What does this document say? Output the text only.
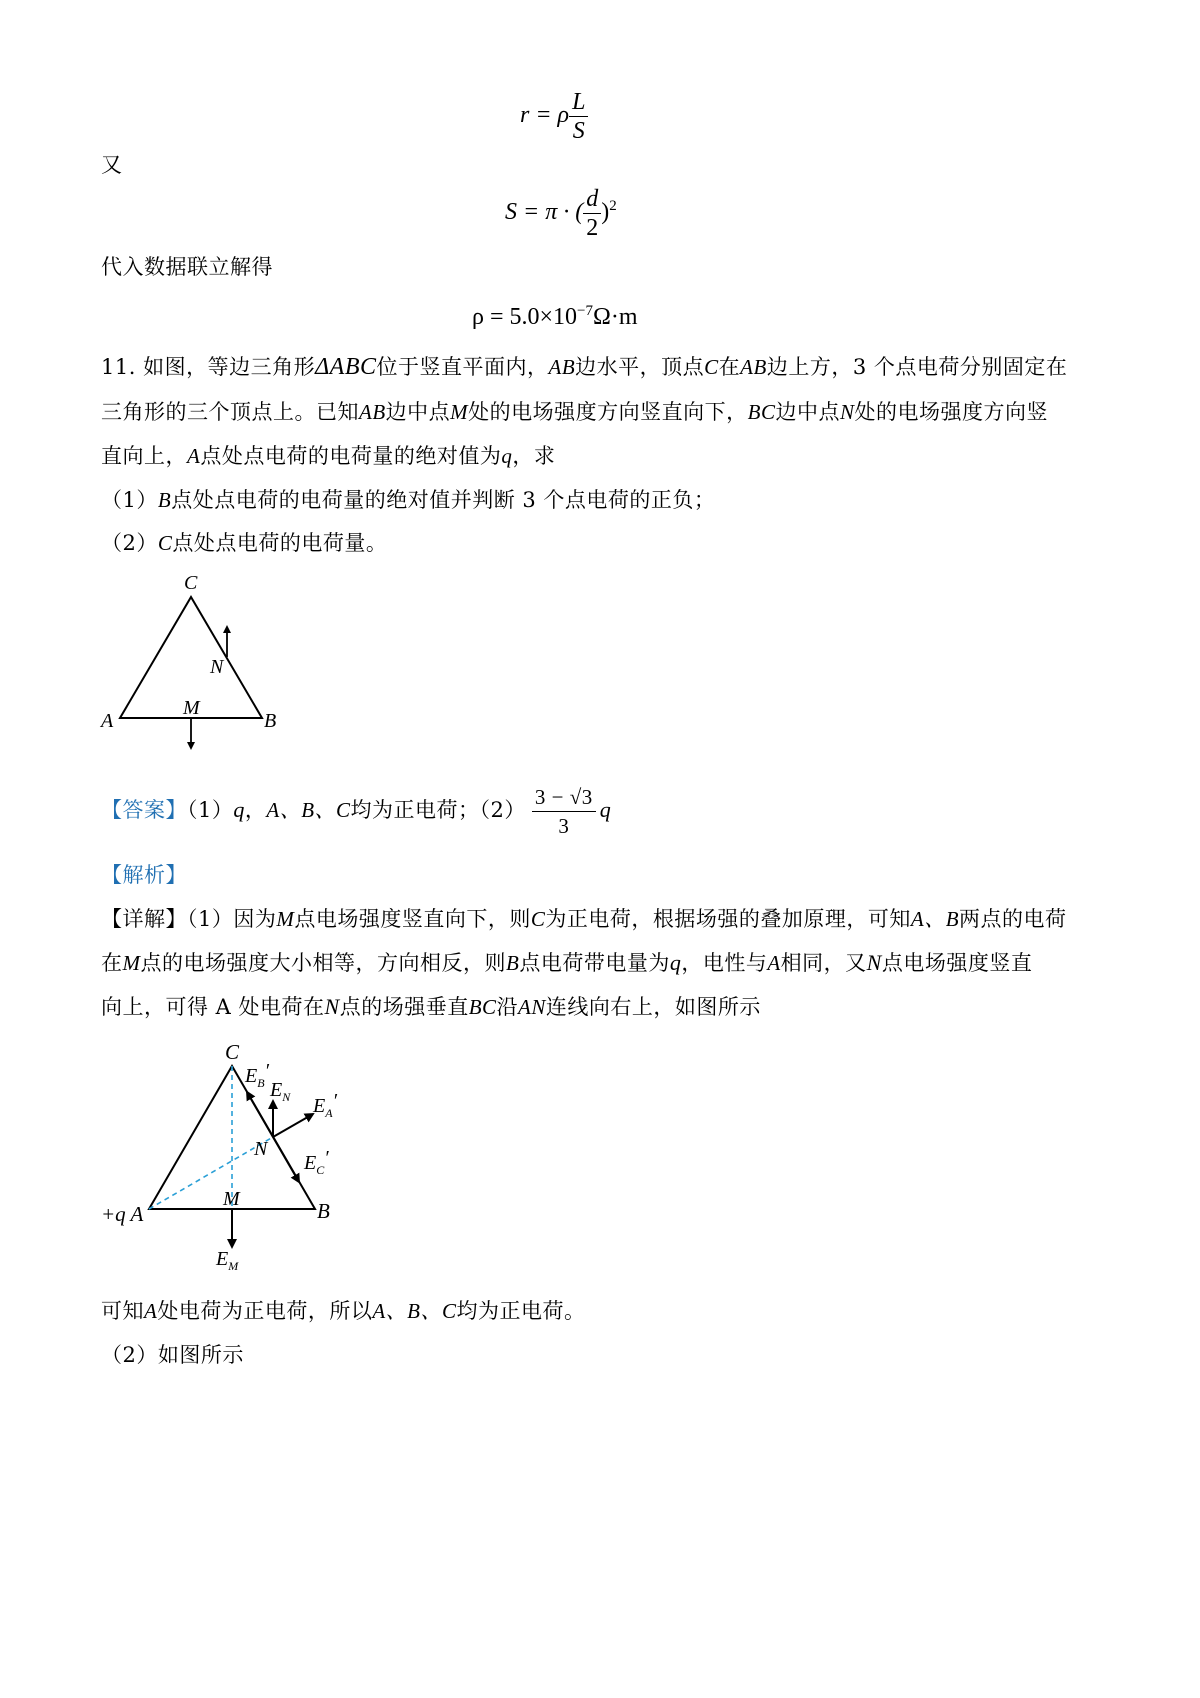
r = ρ $\frac{L}{S}$
又
S = π · ( $\frac{d}{2} )^2$
代入数据联立解得
$\rho = 5.0\times 10^{-7}\Omega\cdot m$
11. 如图，等边三角形ΔABC位于竖直平面内，AB边水平，顶点C在AB边上方，3 个点电荷分别固定在
三角形的三个顶点上。已知AB边中点M处的电场强度方向竖直向下，BC边中点N处的电场强度方向竖
直向上，A点处点电荷的电荷量的绝对值为q，求
（1）B点处点电荷的电荷量的绝对值并判断 3 个点电荷的正负；
（2）C点处点电荷的电荷量。
C
N
M
A	B
【答案】（1）q，A、B、C均为正电荷；$(2) \frac{3 - √3}{3}$ q
【解析】
【详解】（1）因为M点电场强度竖直向下，则C为正电荷，根据场强的叠加原理，可知A、B两点的电荷
在M点的电场强度大小相等，方向相反，则B点电荷带电量为q，电性与A相同，又N点电场强度竖直
向上，可得 A 处电荷在N点的场强垂直BC沿AN连线向右上，如图所示
C
$E_B'$
$E_N$ $E_A'$
N
$E_C'$
M
+q A	B
$E_M$
可知A处电荷为正电荷，所以A、B、C均为正电荷。
（2）如图所示
